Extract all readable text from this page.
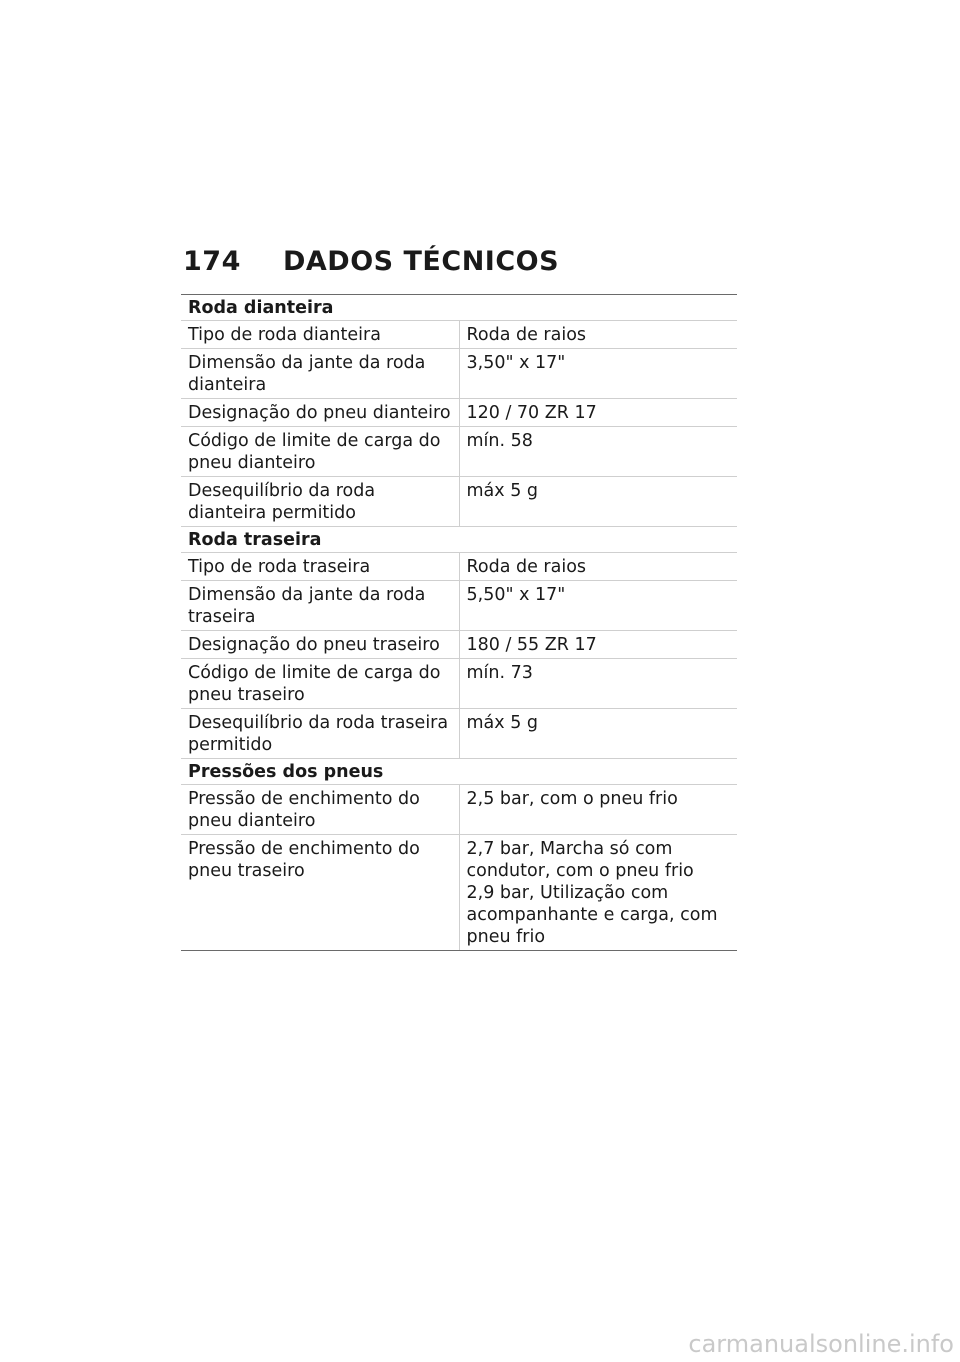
174 DADOS TÉCNICOS
Roda dianteira	
Tipo de roda dianteira	Roda de raios

Dimensão da jante da roda dianteira	3,50" x 17"

Designação do pneu dianteiro	120 / 70 ZR 17

Código de limite de carga do pneu dianteiro	mín. 58

Desequilíbrio da roda dianteira permitido	máx 5 g

Roda traseira	
Tipo de roda traseira	Roda de raios

Dimensão da jante da roda traseira	5,50" x 17"

Designação do pneu traseiro	180 / 55 ZR 17

Código de limite de carga do pneu traseiro	mín. 73

Desequilíbrio da roda traseira permitido	máx 5 g

Pressões dos pneus	
Pressão de enchimento do pneu dianteiro	2,5 bar, com o pneu frio

Pressão de enchimento do pneu traseiro	2,7 bar, Marcha só com condutor, com o pneu frio
2,9 bar, Utilização com acompanhante e carga, com pneu frio
carmanualsonline.info
